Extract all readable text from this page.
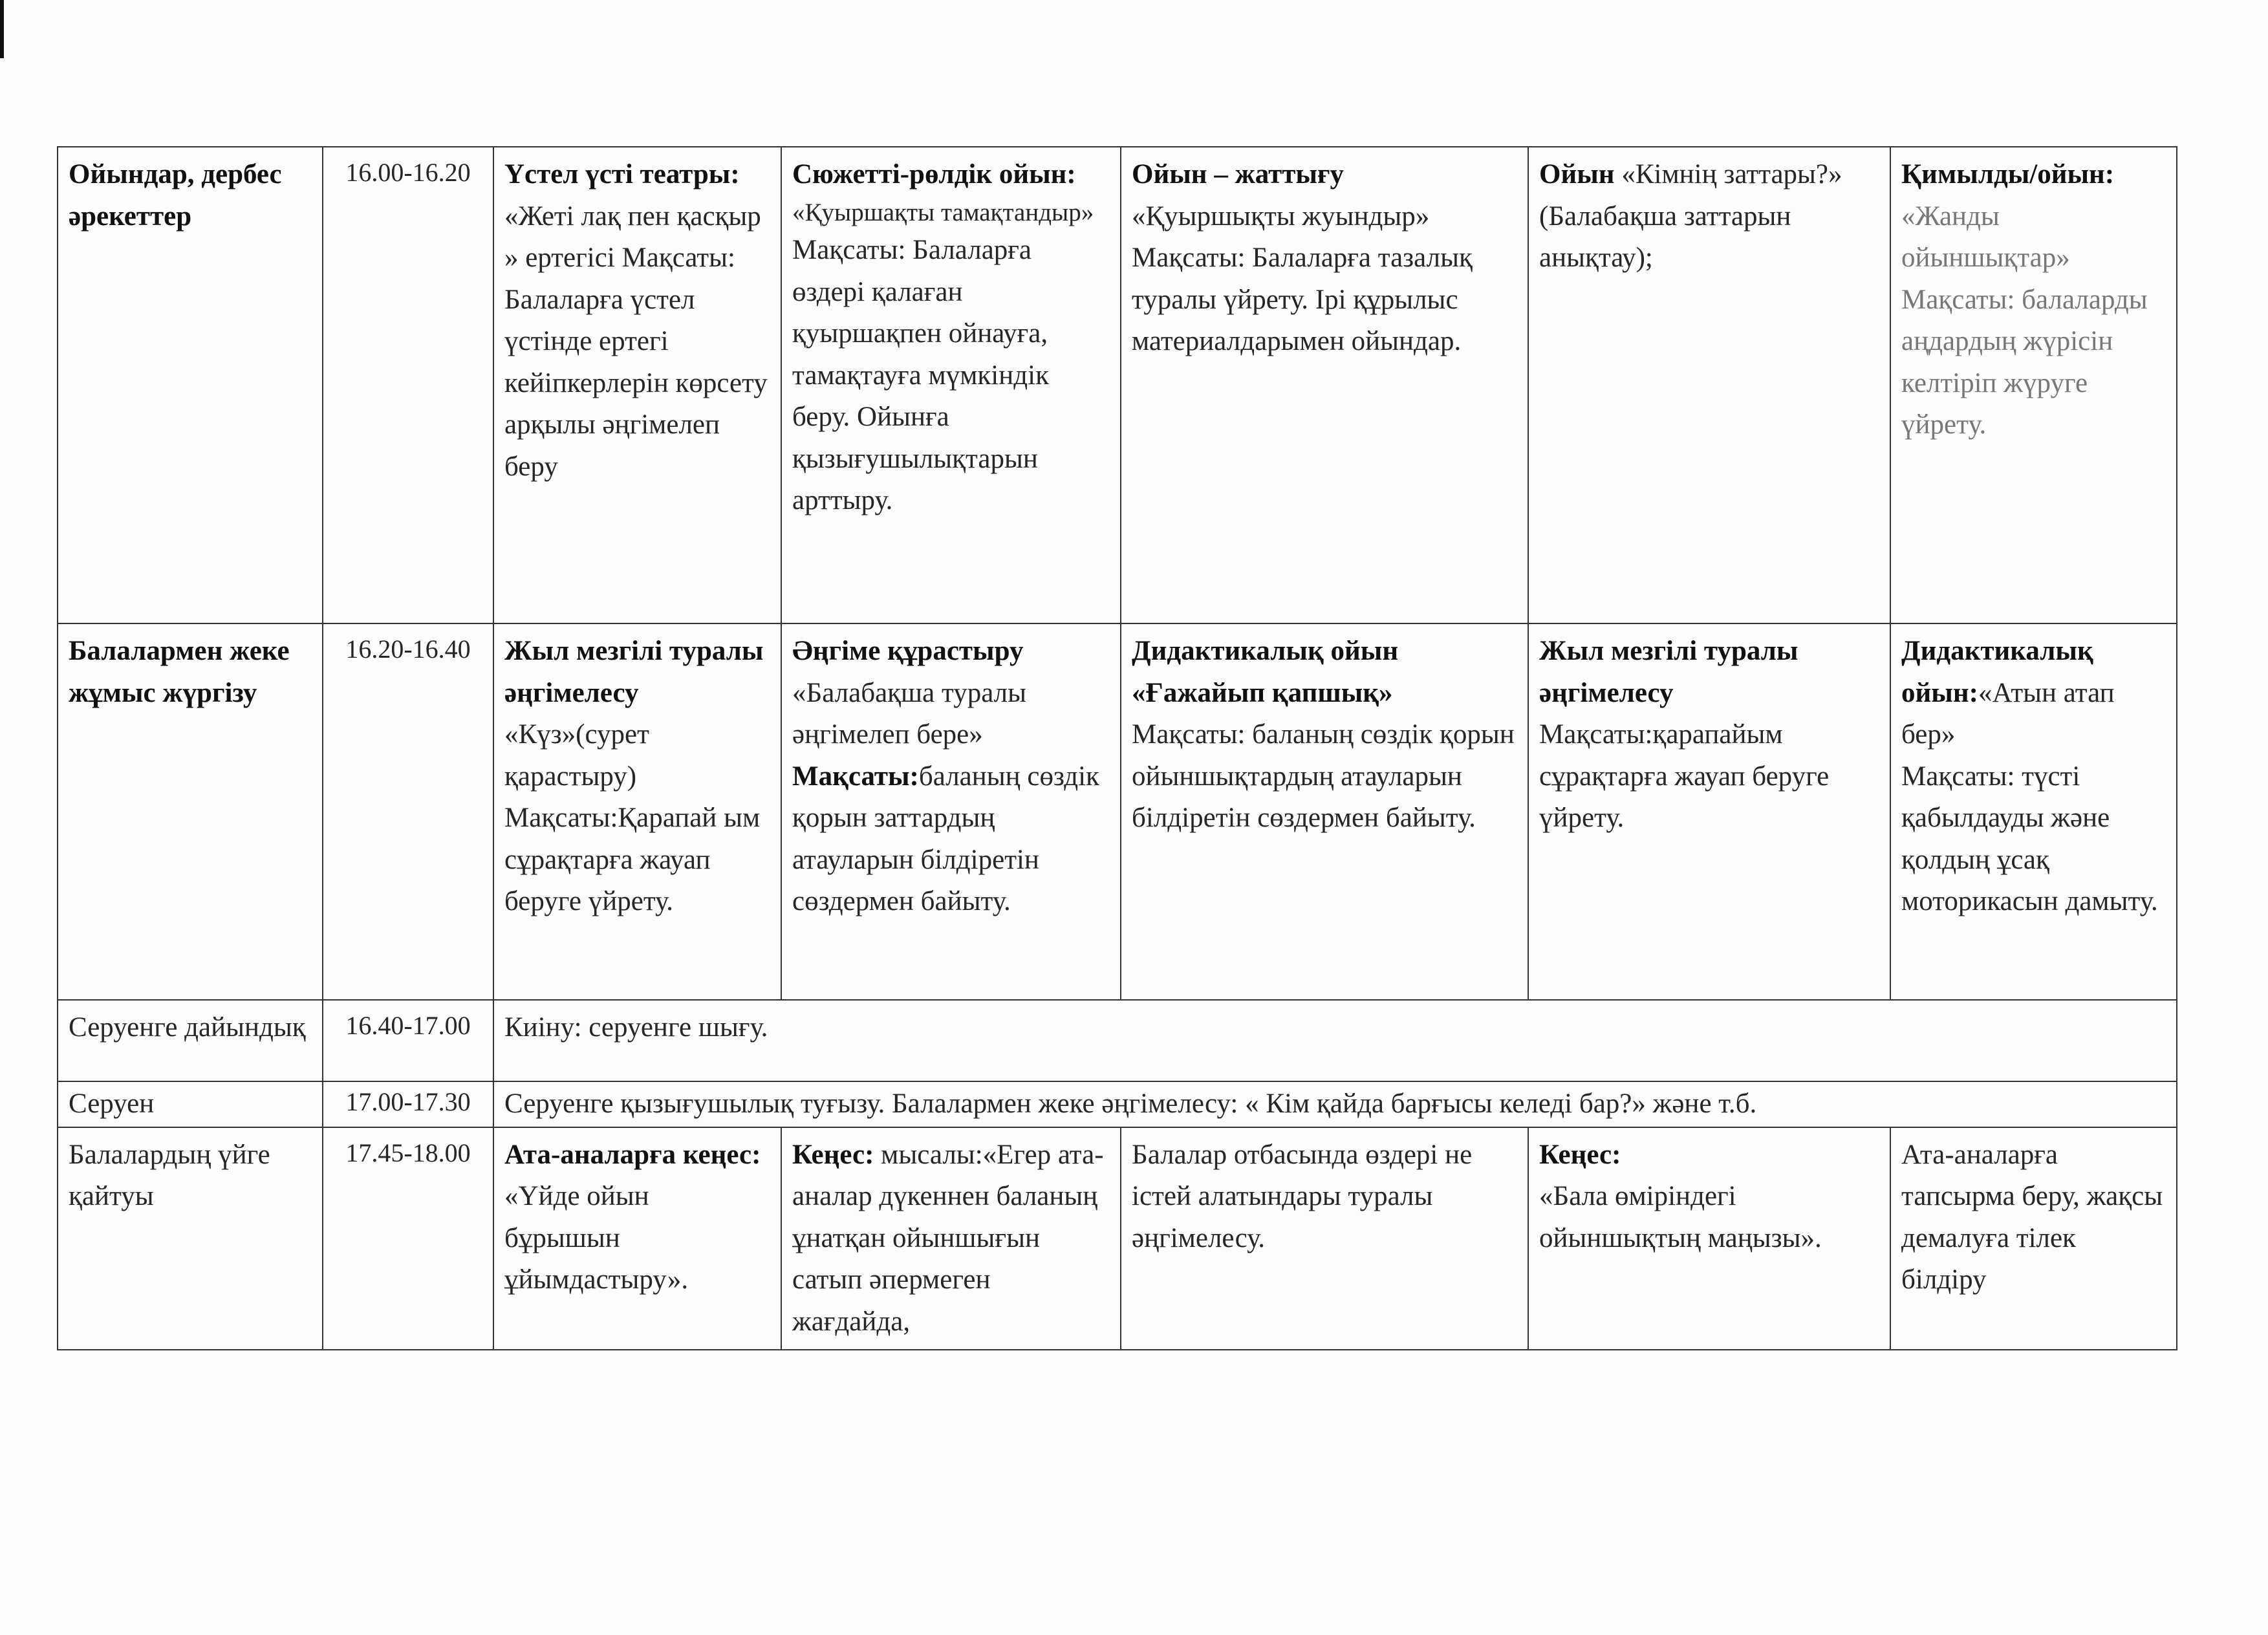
Ойындар, дербес әрекеттер	16.00-16.20	Үстел үсті театры:
«Жеті лақ пен қасқыр » ертегісі Мақсаты: Балаларға үстел үстінде ертегі кейіпкерлерін көрсету арқылы әңгімелеп беру	Сюжетті-рөлдік ойын:
«Қуыршақты тамақтандыр»
Мақсаты: Балаларға өздері қалаған қуыршақпен ойнауға, тамақтауға мүмкіндік беру. Ойынға қызығушылықтарын арттыру.	Ойын – жаттығу
«Қуыршықты жуындыр» Мақсаты: Балаларға тазалық туралы үйрету. Ірі құрылыс материалдарымен ойындар.	Ойын «Кімнің заттары?» (Балабақша заттарын анықтау);	Қимылды/ойын:
«Жанды ойыншықтар»
Мақсаты: балаларды аңдардың жүрісін келтіріп жүруге үйрету.

Балалармен жеке жұмыс жүргізу	16.20-16.40	Жыл мезгілі туралы әңгімелесу
«Күз»(сурет қарастыру) Мақсаты:Қарапай ым сұрақтарға жауап беруге үйрету.	Әңгіме құрастыру
«Балабақша туралы әңгімелеп бере»
Мақсаты:баланың сөздік қорын заттардың атауларын білдіретін сөздермен байыту.	Дидактикалық ойын «Ғажайып қапшық»
Мақсаты: баланың сөздік қорын ойыншықтардың атауларын білдіретін сөздермен байыту.	Жыл мезгілі туралы әңгімелесу
Мақсаты:қарапайым сұрақтарға жауап беруге үйрету.	Дидактикалық ойын:«Атын атап бер»
Мақсаты: түсті қабылдауды және қолдың ұсақ моторикасын дамыту.

Серуенге дайындық	16.40-17.00	Киіну: серуенге шығу.				
Серуен	17.00-17.30	Серуенге қызығушылық туғызу. Балалармен жеке әңгімелесу: « Кім қайда барғысы келеді бар?» және т.б.				
Балалардың үйге қайтуы	17.45-18.00	Ата-аналарға кеңес:
«Үйде ойын бұрышын ұйымдастыру».	Кеңес: мысалы:«Егер ата-аналар дүкеннен баланың ұнатқан ойыншығын сатып әпермеген жағдайда,	Балалар отбасында өздері не істей алатындары туралы әңгімелесу.	Кеңес:
«Бала өміріндегі ойыншықтың маңызы».	Ата-аналарға тапсырма беру, жақсы демалуға тілек білдіру
